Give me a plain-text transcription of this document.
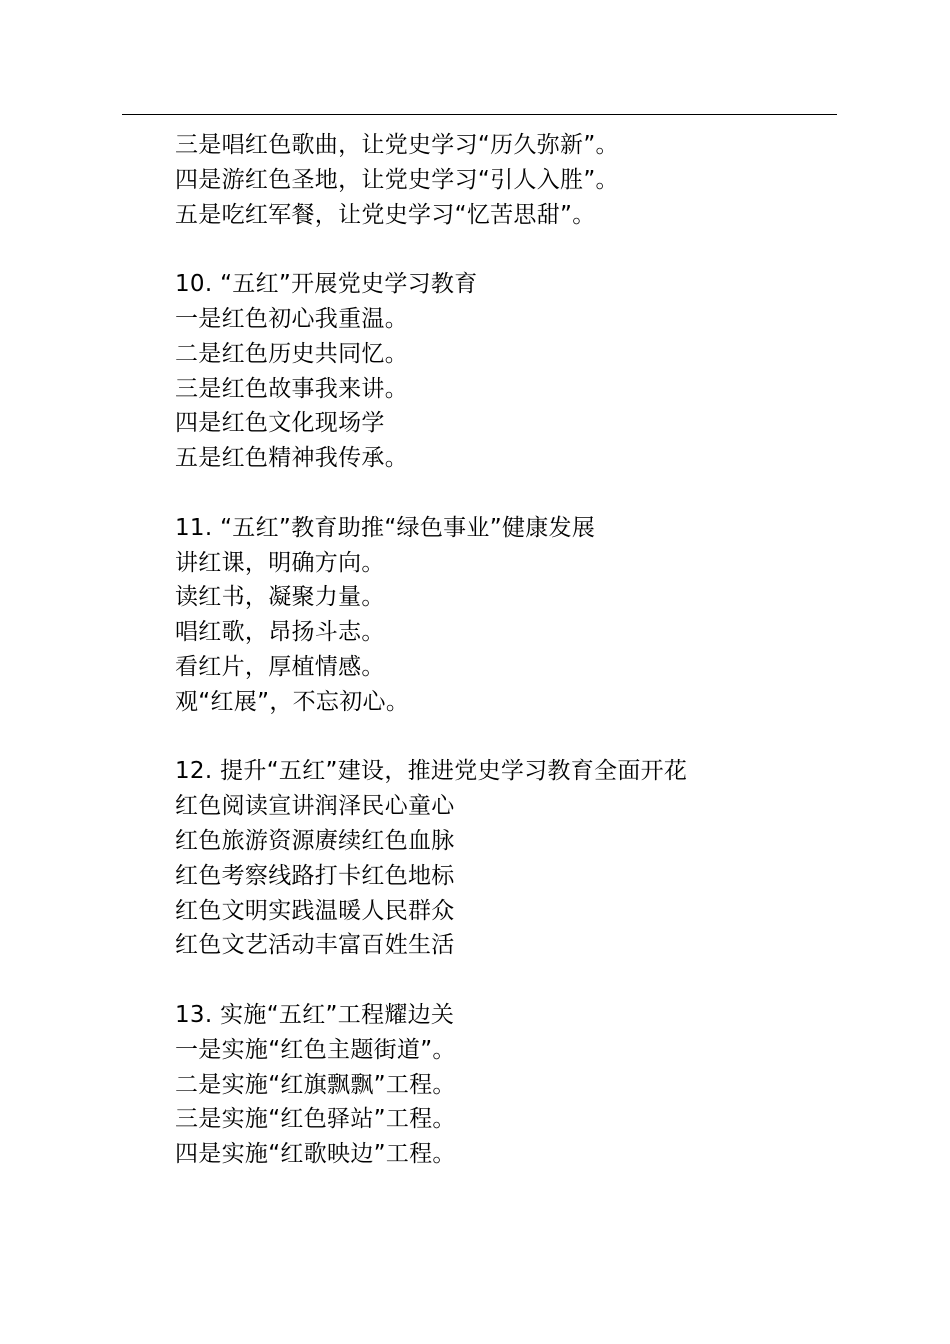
三是唱红色歌曲，让党史学习“历久弥新”。
四是游红色圣地，让党史学习“引人入胜”。
五是吃红军餐，让党史学习“忆苦思甜”。
10. “五红”开展党史学习教育
一是红色初心我重温。
二是红色历史共同忆。
三是红色故事我来讲。
四是红色文化现场学
五是红色精神我传承。
11. “五红”教育助推“绿色事业”健康发展
讲红课，明确方向。
读红书，凝聚力量。
唱红歌，昂扬斗志。
看红片，厚植情感。
观“红展”，不忘初心。
12. 提升“五红”建设，推进党史学习教育全面开花
红色阅读宣讲润泽民心童心
红色旅游资源赓续红色血脉
红色考察线路打卡红色地标
红色文明实践温暖人民群众
红色文艺活动丰富百姓生活
13. 实施“五红”工程耀边关
一是实施“红色主题街道”。
二是实施“红旗飘飘”工程。
三是实施“红色驿站”工程。
四是实施“红歌映边”工程。
